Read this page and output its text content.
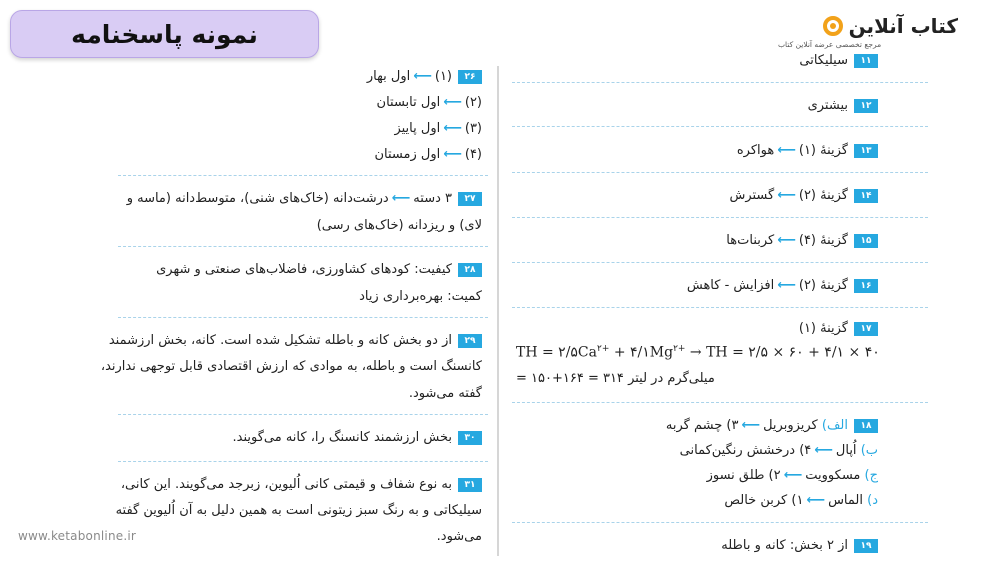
نمونه پاسخنامه	کتاب آنلاین
مرجع تخصصی عرضه آنلاین کتاب
www.ketabonline.ir
۱۱سیلیکاتی
۱۲بیشتری
۱۳گزینهٔ (۱)⟵هواکره
۱۴گزینهٔ (۲)⟵گسترش
۱۵گزینهٔ (۴)⟵کربنات‌ها
۱۶گزینهٔ (۲)⟵افزایش - کاهش
۱۷گزینهٔ (۱)
TH = $۲/۵Ca^{۲+}$ + $۴/۱Mg^{۲+}$ → TH = ۲/۵ × ۶۰ + ۴/۱ × ۴۰
= ۱۵۰+۱۶۴ = ۳۱۴ میلی‌گرم در لیتر
۱۸الف) کریزوبریل⟵۳) چشم گربه
ب) اُپال⟵۴) درخشش رنگین‌کمانی
ج) مسکوویت⟵۲) طلق نسوز
د) الماس⟵۱) کربن خالص
۱۹از ۲ بخش: کانه و باطله
۲۶(۱)⟵اول بهار
(۲)⟵اول تابستان
(۳)⟵اول پاییز
(۴)⟵اول زمستان
۲۷۳ دسته⟵درشت‌دانه (خاک‌های شنی)، متوسط‌دانه (ماسه و
لای) و ریزدانه (خاک‌های رسی)
۲۸کیفیت: کودهای کشاورزی، فاضلاب‌های صنعتی و شهری
کمیت: بهره‌برداری زیاد
۲۹از دو بخش کانه و باطله تشکیل شده است. کانه، بخش ارزشمند
کانسنگ است و باطله، به موادی که ارزش اقتصادی قابل توجهی ندارند،
گفته می‌شود.
۳۰بخش ارزشمند کانسنگ را، کانه می‌گویند.
۳۱به نوع شفاف و قیمتی کانی اُلیوین، زبرجد می‌گویند. این کانی،
سیلیکاتی و به رنگ سبز زیتونی است به همین دلیل به آن اُلیوین گفته
می‌شود.
